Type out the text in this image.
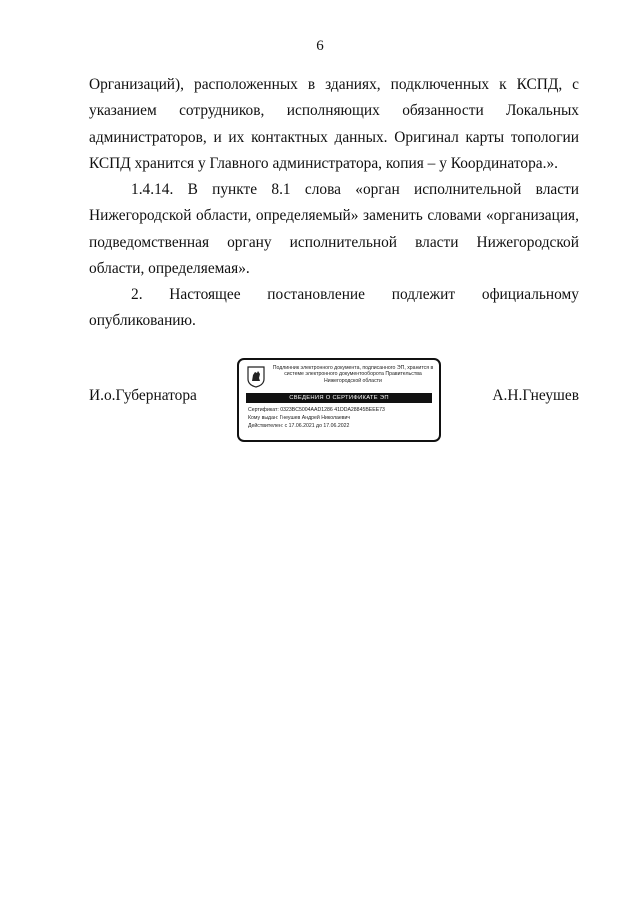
6

Организаций), расположенных в зданиях, подключенных к КСПД, с указанием сотрудников, исполняющих обязанности Локальных администраторов, и их контактных данных. Оригинал карты топологии КСПД хранится у Главного администратора, копия – у Координатора.».

1.4.14. В пункте 8.1 слова «орган исполнительной власти Нижегородской области, определяемый» заменить словами «организация, подведомственная органу исполнительной власти Нижегородской области, определяемая».

2. Настоящее постановление подлежит официальному опубликованию.

И.о.Губернатора
Подлинник электронного документа, подписанного ЭП, хранится в системе электронного документооборота Правительства Нижегородской области
СВЕДЕНИЯ О СЕРТИФИКАТЕ ЭП
Сертификат: 0323BC5004AAD1286 41DDA28845BEEE73
Кому выдан: Гнеушев Андрей Николаевич
Действителен: с 17.06.2021 до 17.06.2022
А.Н.Гнеушев
